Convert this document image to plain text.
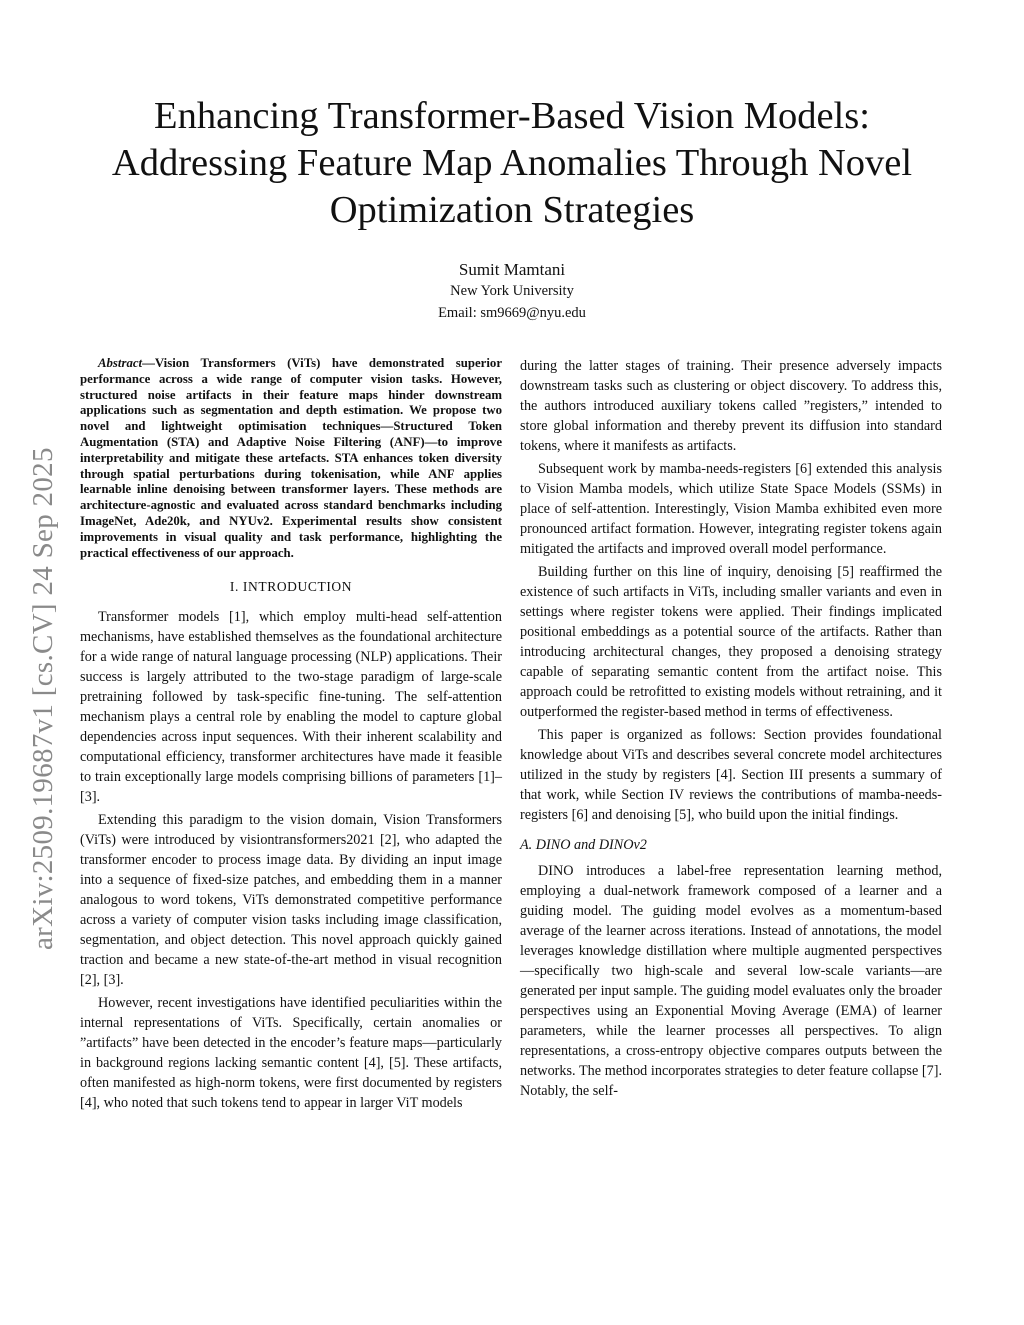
arXiv:2509.19687v1 [cs.CV] 24 Sep 2025
Enhancing Transformer-Based Vision Models:
Addressing Feature Map Anomalies Through Novel
Optimization Strategies
Sumit Mamtani
New York University
Email: sm9669@nyu.edu

Abstract—Vision Transformers (ViTs) have demonstrated superior performance across a wide range of computer vision tasks. However, structured noise artifacts in their feature maps hinder downstream applications such as segmentation and depth estimation. We propose two novel and lightweight optimisation techniques—Structured Token Augmentation (STA) and Adaptive Noise Filtering (ANF)—to improve interpretability and mitigate these artefacts. STA enhances token diversity through spatial perturbations during tokenisation, while ANF applies learnable inline denoising between transformer layers. These methods are architecture-agnostic and evaluated across standard benchmarks including ImageNet, Ade20k, and NYUv2. Experimental results show consistent improvements in visual quality and task performance, highlighting the practical effectiveness of our approach.

I. INTRODUCTION

Transformer models [1], which employ multi-head self-attention mechanisms, have established themselves as the foundational architecture for a wide range of natural language processing (NLP) applications. Their success is largely attributed to the two-stage paradigm of large-scale pretraining followed by task-specific fine-tuning. The self-attention mechanism plays a central role by enabling the model to capture global dependencies across input sequences. With their inherent scalability and computational efficiency, transformer architectures have made it feasible to train exceptionally large models comprising billions of parameters [1]–[3].

Extending this paradigm to the vision domain, Vision Transformers (ViTs) were introduced by visiontransformers2021 [2], who adapted the transformer encoder to process image data. By dividing an input image into a sequence of fixed-size patches, and embedding them in a manner analogous to word tokens, ViTs demonstrated competitive performance across a variety of computer vision tasks including image classification, segmentation, and object detection. This novel approach quickly gained traction and became a new state-of-the-art method in visual recognition [2], [3].

However, recent investigations have identified peculiarities within the internal representations of ViTs. Specifically, certain anomalies or ”artifacts” have been detected in the encoder’s feature maps—particularly in background regions lacking semantic content [4], [5]. These artifacts, often manifested as high-norm tokens, were first documented by registers [4], who noted that such tokens tend to appear in larger ViT models

during the latter stages of training. Their presence adversely impacts downstream tasks such as clustering or object discovery. To address this, the authors introduced auxiliary tokens called ”registers,” intended to store global information and thereby prevent its diffusion into standard tokens, where it manifests as artifacts.

Subsequent work by mamba-needs-registers [6] extended this analysis to Vision Mamba models, which utilize State Space Models (SSMs) in place of self-attention. Interestingly, Vision Mamba exhibited even more pronounced artifact formation. However, integrating register tokens again mitigated the artifacts and improved overall model performance.

Building further on this line of inquiry, denoising [5] reaffirmed the existence of such artifacts in ViTs, including smaller variants and even in settings where register tokens were applied. Their findings implicated positional embeddings as a potential source of the artifacts. Rather than introducing architectural changes, they proposed a denoising strategy capable of separating semantic content from the artifact noise. This approach could be retrofitted to existing models without retraining, and it outperformed the register-based method in terms of effectiveness.

This paper is organized as follows: Section provides foundational knowledge about ViTs and describes several concrete model architectures utilized in the study by registers [4]. Section III presents a summary of that work, while Section IV reviews the contributions of mamba-needs-registers [6] and denoising [5], who build upon the initial findings.

A. DINO and DINOv2

DINO introduces a label-free representation learning method, employing a dual-network framework composed of a learner and a guiding model. The guiding model evolves as a momentum-based average of the learner across iterations. Instead of annotations, the model leverages knowledge distillation where multiple augmented perspectives—specifically two high-scale and several low-scale variants—are generated per input sample. The guiding model evaluates only the broader perspectives using an Exponential Moving Average (EMA) of learner parameters, while the learner processes all perspectives. To align representations, a cross-entropy objective compares outputs between the networks. The method incorporates strategies to deter feature collapse [7]. Notably, the self-
